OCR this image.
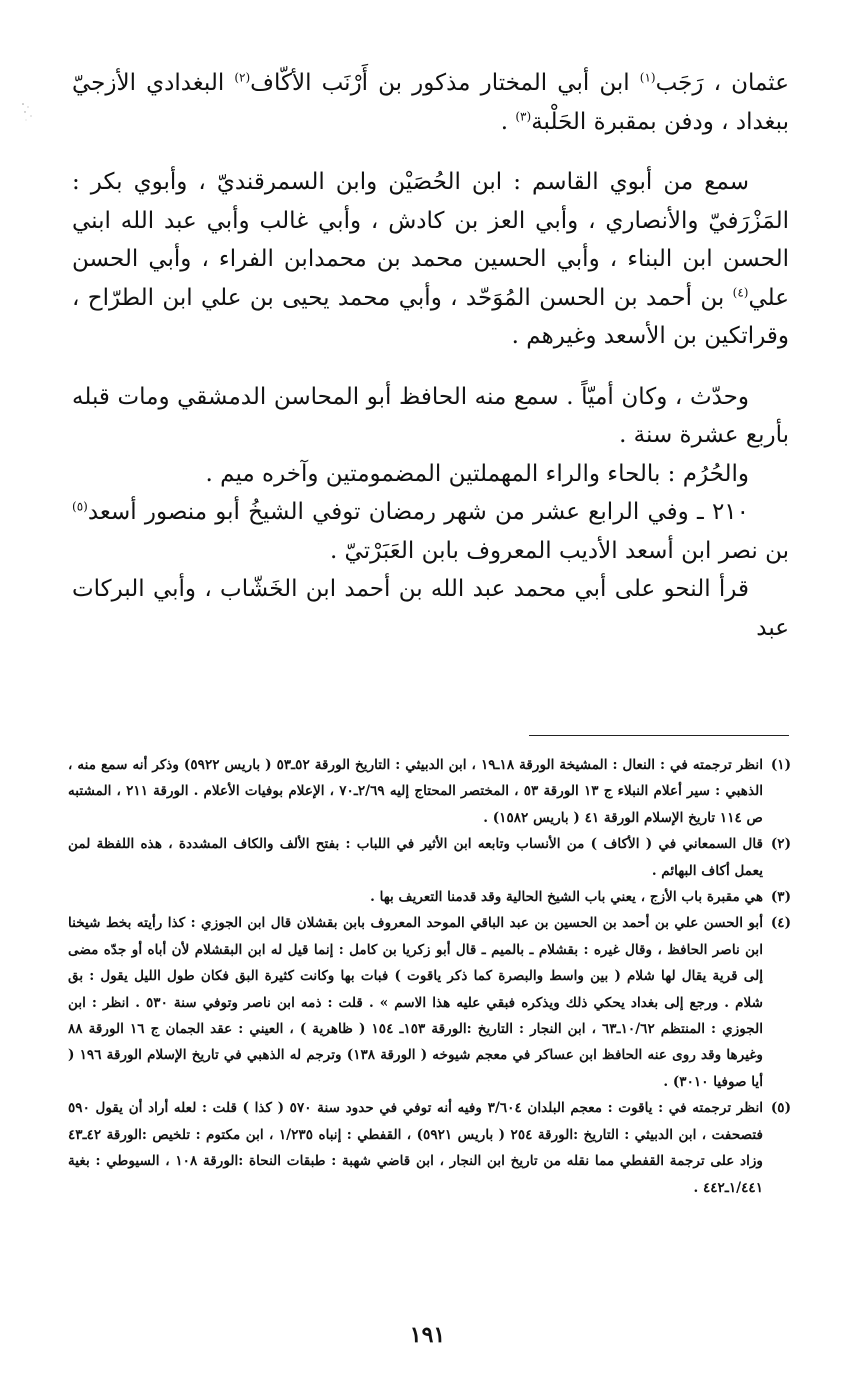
عثمان ، رَجَب$^{(١)}$ ابن أبي المختار مذكور بن أَرْنَب الأكّاف$^{(٢)}$ البغدادي الأزجيّ ببغداد ، ودفن بمقبرة الحَلْبة$^{(٣)}$ .

سمع من أبوي القاسم : ابن الحُصَيْن وابن السمرقنديّ ، وأبوي بكر : المَزْرَفيّ والأنصاري ، وأبي العز بن كادش ، وأبي غالب وأبي عبد الله ابني الحسن ابن البناء ، وأبي الحسين محمد بن محمدابن الفراء ، وأبي الحسن علي$^{(٤)}$ بن أحمد بن الحسن المُوَحّد ، وأبي محمد يحيى بن علي ابن الطرّاح ، وقراتكين بن الأسعد وغيرهم .

وحدّث ، وكان أميّاً . سمع منه الحافظ أبو المحاسن الدمشقي ومات قبله بأربع عشرة سنة .

والحُرُم : بالحاء والراء المهملتين المضمومتين وآخره ميم .

٢١٠ ـ وفي الرابع عشر من شهر رمضان توفي الشيخُ أبو منصور أسعد$^{(٥)}$ بن نصر ابن أسعد الأديب المعروف بابن العَبَرْتيّ .

قرأ النحو على أبي محمد عبد الله بن أحمد ابن الخَشّاب ، وأبي البركات عبد

(١)
انظر ترجمته في : النعال : المشيخة الورقة ١٨ـ١٩ ، ابن الدبيثي : التاريخ الورقة ٥٢ـ٥٣ ( باريس ٥٩٢٢) وذكر أنه سمع منه ، الذهبي : سير أعلام النبلاء ج ١٣ الورقة ٥٣ ، المختصر المحتاج إليه ٢/٦٩ـ٧٠ ، الإعلام بوفيات الأعلام . الورقة ٢١١ ، المشتبه ص ١١٤ تاريخ الإسلام الورقة ٤١ ( باريس ١٥٨٢) .

(٢)
قال السمعاني في ( الأكاف ) من الأنساب وتابعه ابن الأثير في اللباب : بفتح الألف والكاف المشددة ، هذه اللفظة لمن يعمل أكاف البهائم .

(٣)
هي مقبرة باب الأزج ، يعني باب الشيخ الحالية وقد قدمنا التعريف بها .

(٤)
أبو الحسن علي بن أحمد بن الحسين بن عبد الباقي الموحد المعروف بابن بقشلان قال ابن الجوزي : كذا رأيته بخط شيخنا ابن ناصر الحافظ ، وقال غيره : بقشلام ـ بالميم ـ قال أبو زكريا بن كامل : إنما قيل له ابن البقشلام لأن أباه أو جدّه مضى إلى قرية يقال لها شلام ( بين واسط والبصرة كما ذكر ياقوت ) فبات بها وكانت كثيرة البق فكان طول الليل يقول : بق شلام . ورجع إلى بغداد يحكي ذلك ويذكره فبقي عليه هذا الاسم » . قلت : ذمه ابن ناصر وتوفي سنة ٥٣٠ . انظر : ابن الجوزي : المنتظم ١٠/٦٢ـ٦٣ ، ابن النجار : التاريخ :الورقة ١٥٣ـ ١٥٤ ( ظاهرية ) ، العيني : عقد الجمان ج ١٦ الورقة ٨٨ وغيرها وقد روى عنه الحافظ ابن عساكر في معجم شيوخه ( الورقة ١٣٨) وترجم له الذهبي في تاريخ الإسلام الورقة ١٩٦ ( أيا صوفيا ٣٠١٠) .

(٥)
انظر ترجمته في : ياقوت : معجم البلدان ٣/٦٠٤ وفيه أنه توفي في حدود سنة ٥٧٠ ( كذا ) قلت : لعله أراد أن يقول ٥٩٠ فتصحفت ، ابن الدبيثي : التاريخ :الورقة ٢٥٤ ( باريس ٥٩٢١) ، القفطي : إنباه ١/٢٣٥ ، ابن مكتوم : تلخيص :الورقة ٤٢ـ٤٣ وزاد على ترجمة القفطي مما نقله من تاريخ ابن النجار ، ابن قاضي شهبة : طبقات النحاة :الورقة ١٠٨ ، السيوطي : بغية ١/٤٤١ـ٤٤٢ .

١٩١
